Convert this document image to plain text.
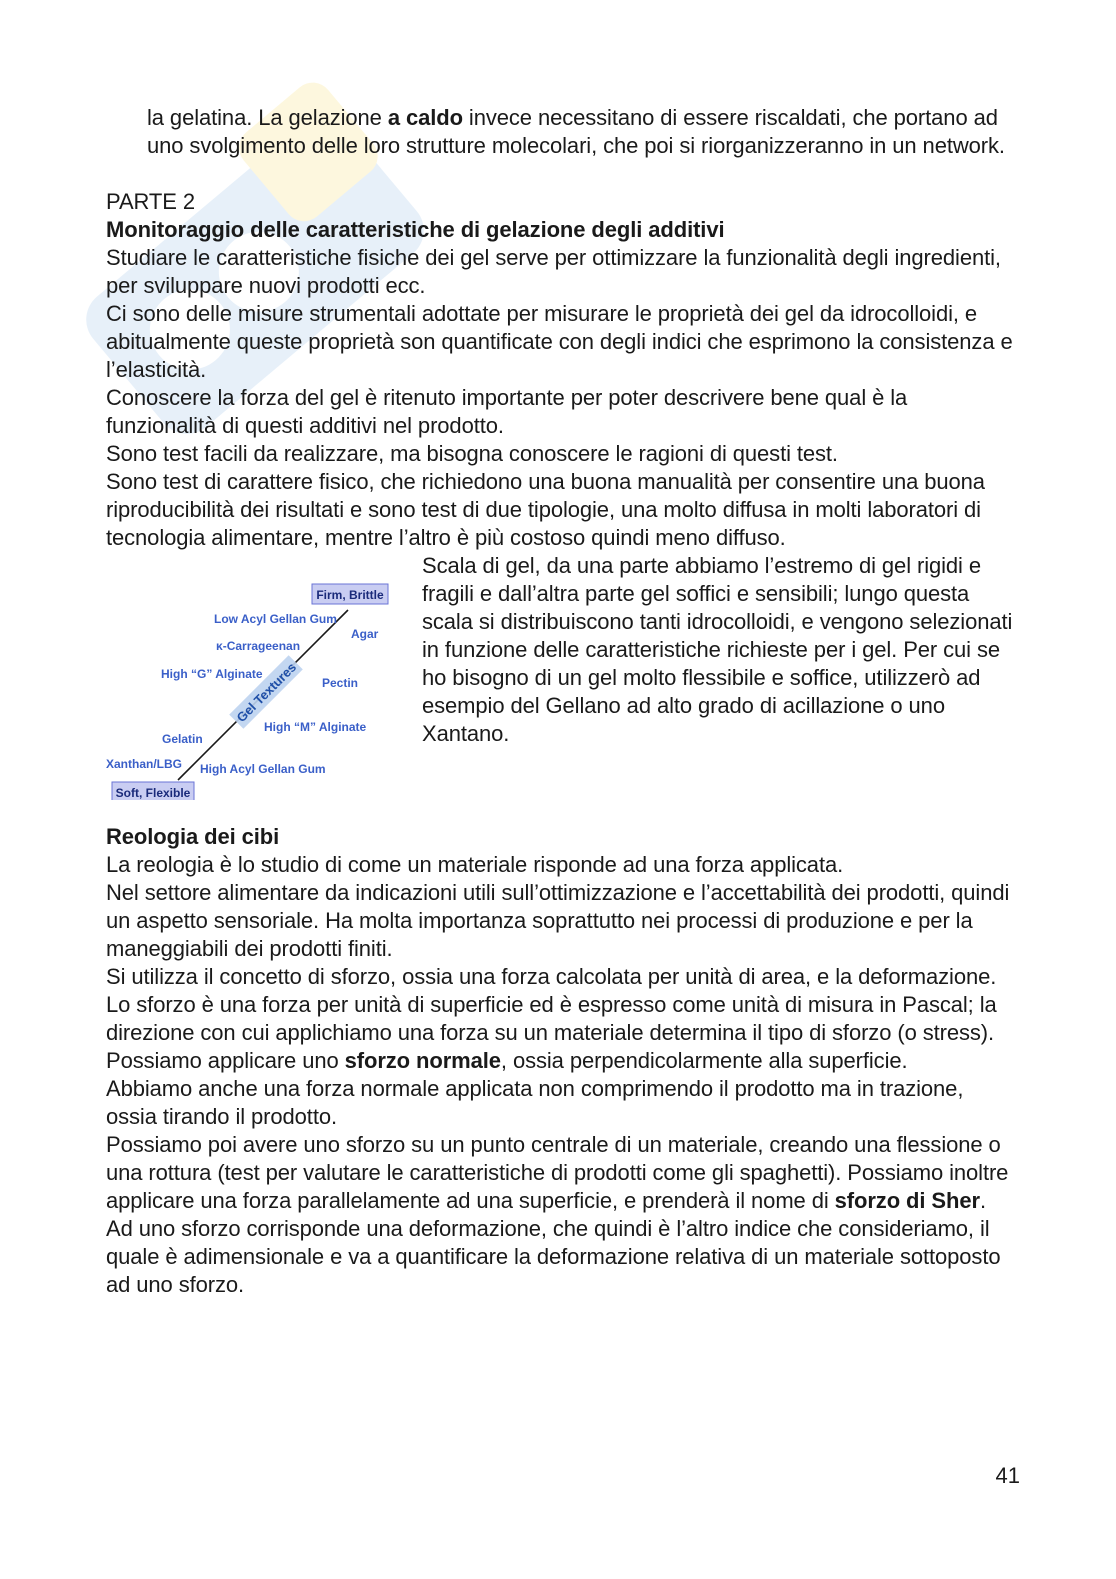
la gelatina. La gelazione a caldo invece necessitano di essere riscaldati, che portano ad uno svolgimento delle loro strutture molecolari, che poi si riorganizzeranno in un network.

PARTE 2

Monitoraggio delle caratteristiche di gelazione degli additivi

Studiare le caratteristiche fisiche dei gel serve per ottimizzare la funzionalità degli ingredienti, per sviluppare nuovi prodotti ecc.

Ci sono delle misure strumentali adottate per misurare le proprietà dei gel da idrocolloidi, e abitualmente queste proprietà son quantificate con degli indici che esprimono la consistenza e l’elasticità.

Conoscere la forza del gel è ritenuto importante per poter descrivere bene qual è la funzionalità di questi additivi nel prodotto.

Sono test facili da realizzare, ma bisogna conoscere le ragioni di questi test.

Sono test di carattere fisico, che richiedono una buona manualità per consentire una buona riproducibilità dei risultati e sono test di due tipologie, una molto diffusa in molti laboratori di tecnologia alimentare, mentre l’altro è più costoso quindi meno diffuso.

Firm, Brittle
Soft, Flexible
Gel Textures
Low Acyl Gellan Gum
Agar
κ-Carrageenan
High “G” Alginate
Pectin
High “M” Alginate
Gelatin
Xanthan/LBG High Acyl Gellan Gum

Scala di gel, da una parte abbiamo l’estremo di gel rigidi e fragili e dall’altra parte gel soffici e sensibili; lungo questa scala si distribuiscono tanti idrocolloidi, e vengono selezionati in funzione delle caratteristiche richieste per i gel. Per cui se ho bisogno di un gel molto flessibile e soffice, utilizzerò ad esempio del Gellano ad alto grado di acillazione o uno Xantano.

Reologia dei cibi

La reologia è lo studio di come un materiale risponde ad una forza applicata.

Nel settore alimentare da indicazioni utili sull’ottimizzazione e l’accettabilità dei prodotti, quindi un aspetto sensoriale. Ha molta importanza soprattutto nei processi di produzione e per la maneggiabili dei prodotti finiti.

Si utilizza il concetto di sforzo, ossia una forza calcolata per unità di area, e la deformazione.

Lo sforzo è una forza per unità di superficie ed è espresso come unità di misura in Pascal; la direzione con cui applichiamo una forza su un materiale determina il tipo di sforzo (o stress).

Possiamo applicare uno sforzo normale, ossia perpendicolarmente alla superficie.

Abbiamo anche una forza normale applicata non comprimendo il prodotto ma in trazione, ossia tirando il prodotto.

Possiamo poi avere uno sforzo su un punto centrale di un materiale, creando una flessione o una rottura (test per valutare le caratteristiche di prodotti come gli spaghetti). Possiamo inoltre applicare una forza parallelamente ad una superficie, e prenderà il nome di sforzo di Sher.

Ad uno sforzo corrisponde una deformazione, che quindi è l’altro indice che consideriamo, il quale è adimensionale e va a quantificare la deformazione relativa di un materiale sottoposto ad uno sforzo.

41
